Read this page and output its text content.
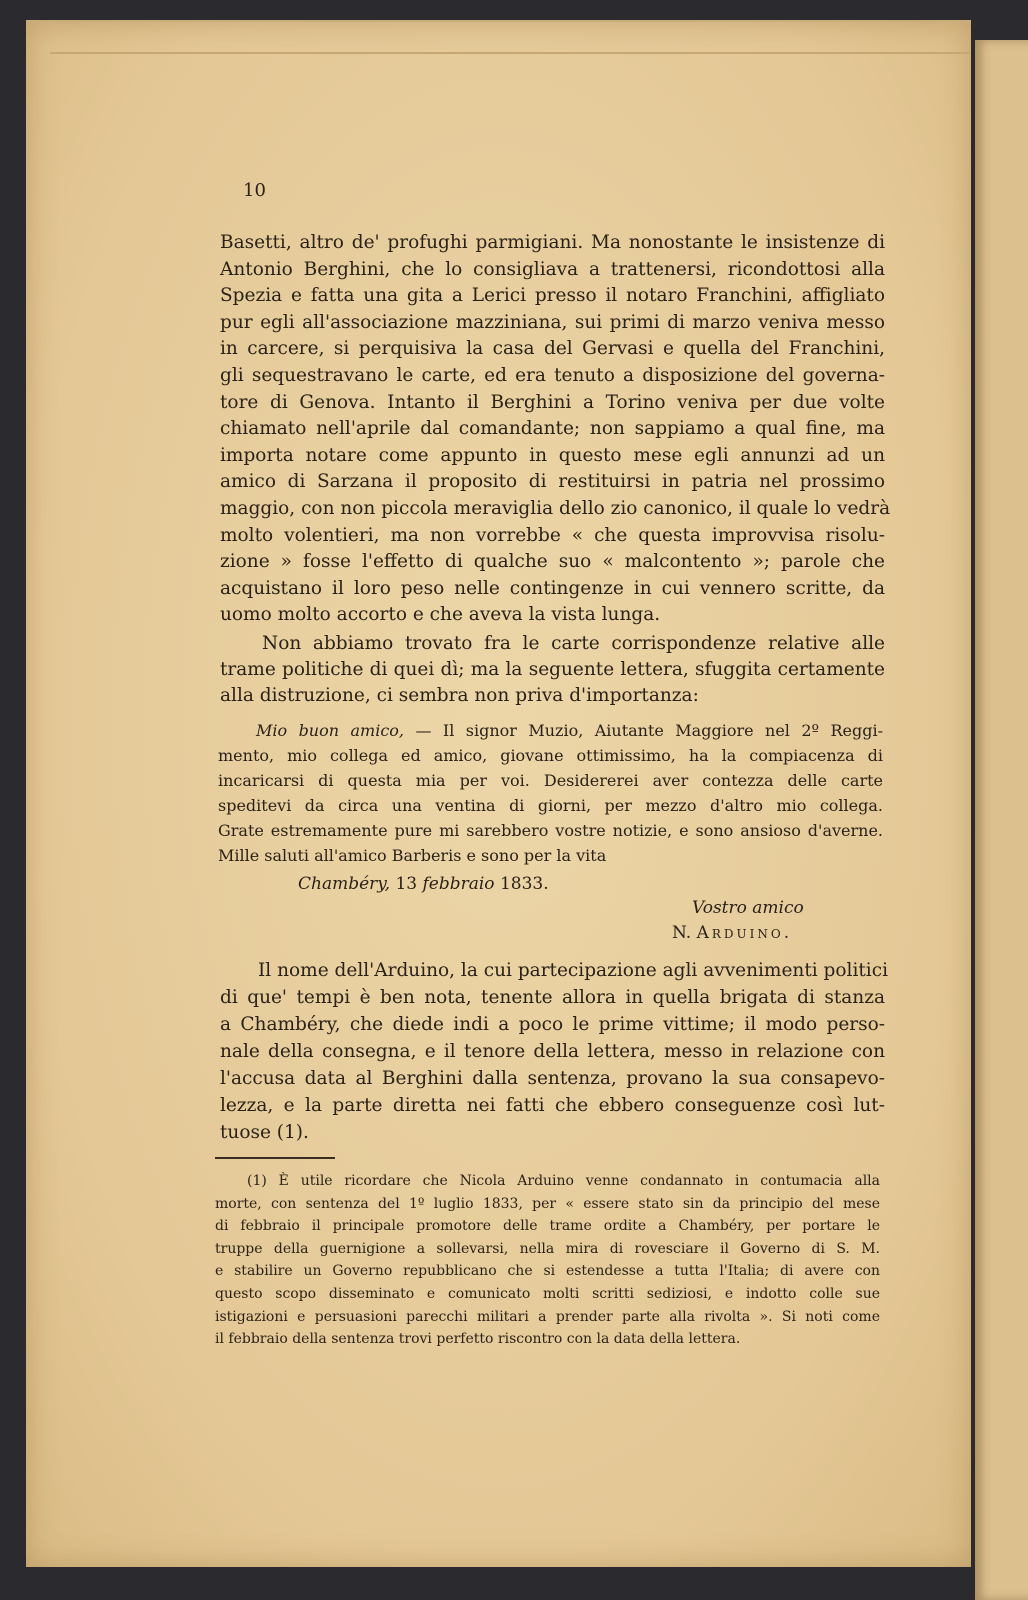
10
Basetti, altro de' profughi parmigiani. Ma nonostante le insistenze di
Antonio Berghini, che lo consigliava a trattenersi, ricondottosi alla
Spezia e fatta una gita a Lerici presso il notaro Franchini, affigliato
pur egli all'associazione mazziniana, sui primi di marzo veniva messo
in carcere, si perquisiva la casa del Gervasi e quella del Franchini,
gli sequestravano le carte, ed era tenuto a disposizione del governa-
tore di Genova. Intanto il Berghini a Torino veniva per due volte
chiamato nell'aprile dal comandante; non sappiamo a qual fine, ma
importa notare come appunto in questo mese egli annunzi ad un
amico di Sarzana il proposito di restituirsi in patria nel prossimo
maggio, con non piccola meraviglia dello zio canonico, il quale lo vedrà
molto volentieri, ma non vorrebbe « che questa improvvisa risolu-
zione » fosse l'effetto di qualche suo « malcontento »; parole che
acquistano il loro peso nelle contingenze in cui vennero scritte, da
uomo molto accorto e che aveva la vista lunga.
Non abbiamo trovato fra le carte corrispondenze relative alle
trame politiche di quei dì; ma la seguente lettera, sfuggita certamente
alla distruzione, ci sembra non priva d'importanza:
mento, mio collega ed amico, giovane ottimissimo, ha la compiacenza di
incaricarsi di questa mia per voi. Desidererei aver contezza delle carte
speditevi da circa una ventina di giorni, per mezzo d'altro mio collega.
Grate estremamente pure mi sarebbero vostre notizie, e sono ansioso d'averne.
Mille saluti all'amico Barberis e sono per la vita
Il nome dell'Arduino, la cui partecipazione agli avvenimenti politici
di que' tempi è ben nota, tenente allora in quella brigata di stanza
a Chambéry, che diede indi a poco le prime vittime; il modo perso-
nale della consegna, e il tenore della lettera, messo in relazione con
l'accusa data al Berghini dalla sentenza, provano la sua consapevo-
lezza, e la parte diretta nei fatti che ebbero conseguenze così lut-
tuose (1).
(1) È utile ricordare che Nicola Arduino venne condannato in contumacia alla
morte, con sentenza del 1º luglio 1833, per « essere stato sin da principio del mese
di febbraio il principale promotore delle trame ordite a Chambéry, per portare le
truppe della guernigione a sollevarsi, nella mira di rovesciare il Governo di S. M.
e stabilire un Governo repubblicano che si estendesse a tutta l'Italia; di avere con
questo scopo disseminato e comunicato molti scritti sediziosi, e indotto colle sue
istigazioni e persuasioni parecchi militari a prender parte alla rivolta ». Si noti come
il febbraio della sentenza trovi perfetto riscontro con la data della lettera.
Mio buon amico, — Il signor Muzio, Aiutante Maggiore nel 2º Reggi-
Chambéry, 13 febbraio 1833.
Vostro amico
N. Arduino.
